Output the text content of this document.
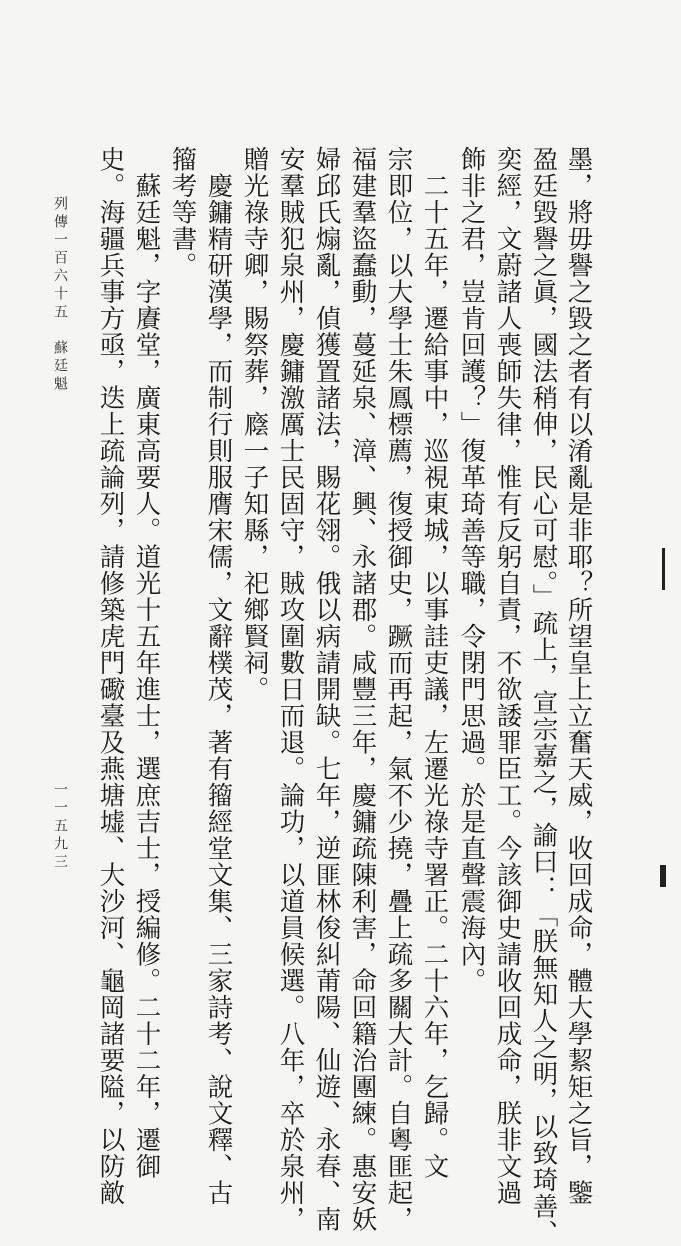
墨，將毋譽之毀之者有以淆亂是非耶？所望皇上立奮天威，收回成命，體大學絜矩之旨，鑒
盈廷毀譽之眞，國法稍伸，民心可慰。」疏上，宣宗嘉之，諭曰：「朕無知人之明，以致琦善、
奕經，文蔚諸人喪師失律，惟有反躬自責，不欲諉罪臣工。今該御史請收回成命，朕非文過
飾非之君，豈肯回護？」復革琦善等職，令閉門思過。於是直聲震海內。
　二十五年，遷給事中，巡視東城，以事詿吏議，左遷光祿寺署正。二十六年，乞歸。文
宗即位，以大學士朱鳳標薦，復授御史，蹶而再起，氣不少撓，疊上疏多關大計。自粵匪起，
福建羣盜蠢動，蔓延泉、漳、興、永諸郡。咸豐三年，慶鏞疏陳利害，命回籍治團練。惠安妖
婦邱氏煽亂，偵獲置諸法，賜花翎。俄以病請開缺。七年，逆匪林俊糾莆陽、仙遊、永春、南
安羣賊犯泉州，慶鏞激厲士民固守，賊攻圍數日而退。論功，以道員候選。八年，卒於泉州，
贈光祿寺卿，賜祭葬，廕一子知縣，祀鄉賢祠。
　慶鏞精研漢學，而制行則服膺宋儒，文辭樸茂，著有籀經堂文集、三家詩考、說文釋、古
籀考等書。
　蘇廷魁，字賡堂，廣東高要人。道光十五年進士，選庶吉士，授編修。二十二年，遷御
史。海疆兵事方亟，迭上疏論列，請修築虎門礮臺及燕塘墟、大沙河、龜岡諸要隘，以防敵
列傳一百六十五　蘇廷魁
一一五九三
